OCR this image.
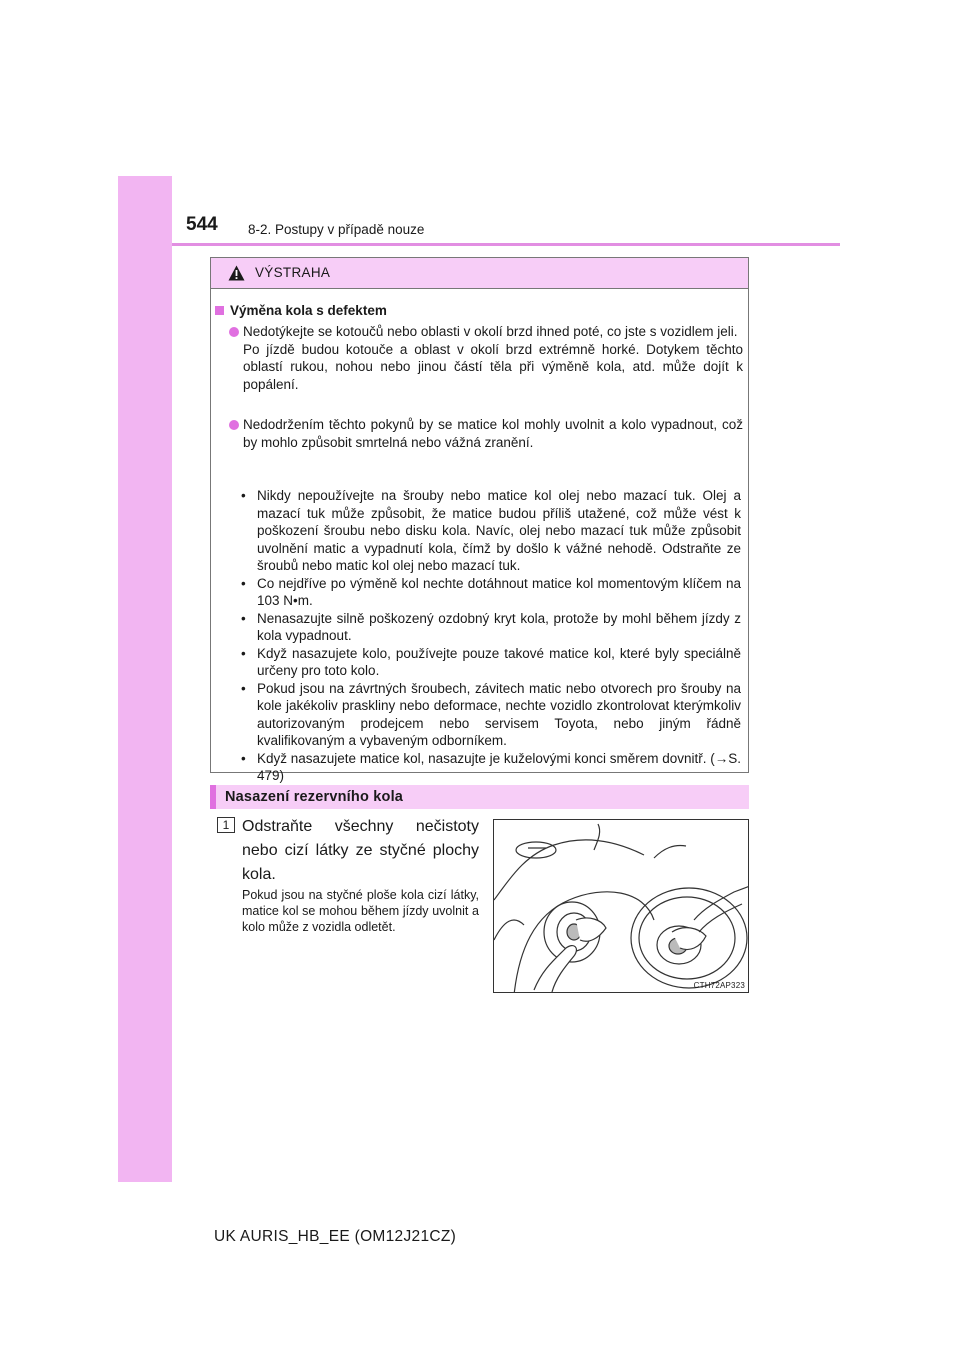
544 8-2. Postupy v případě nouze
VÝSTRAHA
Výměna kola s defektem

Nedotýkejte se kotoučů nebo oblasti v okolí brzd ihned poté, co jste s vozidlem jeli.

Po jízdě budou kotouče a oblast v okolí brzd extrémně horké. Dotykem těchto oblastí rukou, nohou nebo jinou částí těla při výměně kola, atd. může dojít k popálení.

Nedodržením těchto pokynů by se matice kol mohly uvolnit a kolo vypadnout, což by mohlo způsobit smrtelná nebo vážná zranění.

• Nikdy nepoužívejte na šrouby nebo matice kol olej nebo mazací tuk. Olej a mazací tuk může způsobit, že matice budou příliš utažené, což může vést k poškození šroubu nebo disku kola. Navíc, olej nebo mazací tuk může způsobit uvolnění matic a vypadnutí kola, čímž by došlo k vážné nehodě. Odstraňte ze šroubů nebo matic kol olej nebo mazací tuk.
• Co nejdříve po výměně kol nechte dotáhnout matice kol momentovým klíčem na 103 N•m.
• Nenasazujte silně poškozený ozdobný kryt kola, protože by mohl během jízdy z kola vypadnout.
• Když nasazujete kolo, používejte pouze takové matice kol, které byly speciálně určeny pro toto kolo.
• Pokud jsou na závrtných šroubech, závitech matic nebo otvorech pro šrouby na kole jakékoliv praskliny nebo deformace, nechte vozidlo zkontrolovat kterýmkoliv autorizovaným prodejcem nebo servisem Toyota, nebo jiným řádně kvalifikovaným a vybaveným odborníkem.
• Když nasazujete matice kol, nasazujte je kuželovými konci směrem dovnitř. (→S. 479)
Nasazení rezervního kola
1 Odstraňte všechny nečistoty nebo cizí látky ze styčné plochy kola.
Pokud jsou na styčné ploše kola cizí látky, matice kol se mohou během jízdy uvolnit a kolo může z vozidla odletět.
CTH72AP323
UK AURIS_HB_EE (OM12J21CZ)
